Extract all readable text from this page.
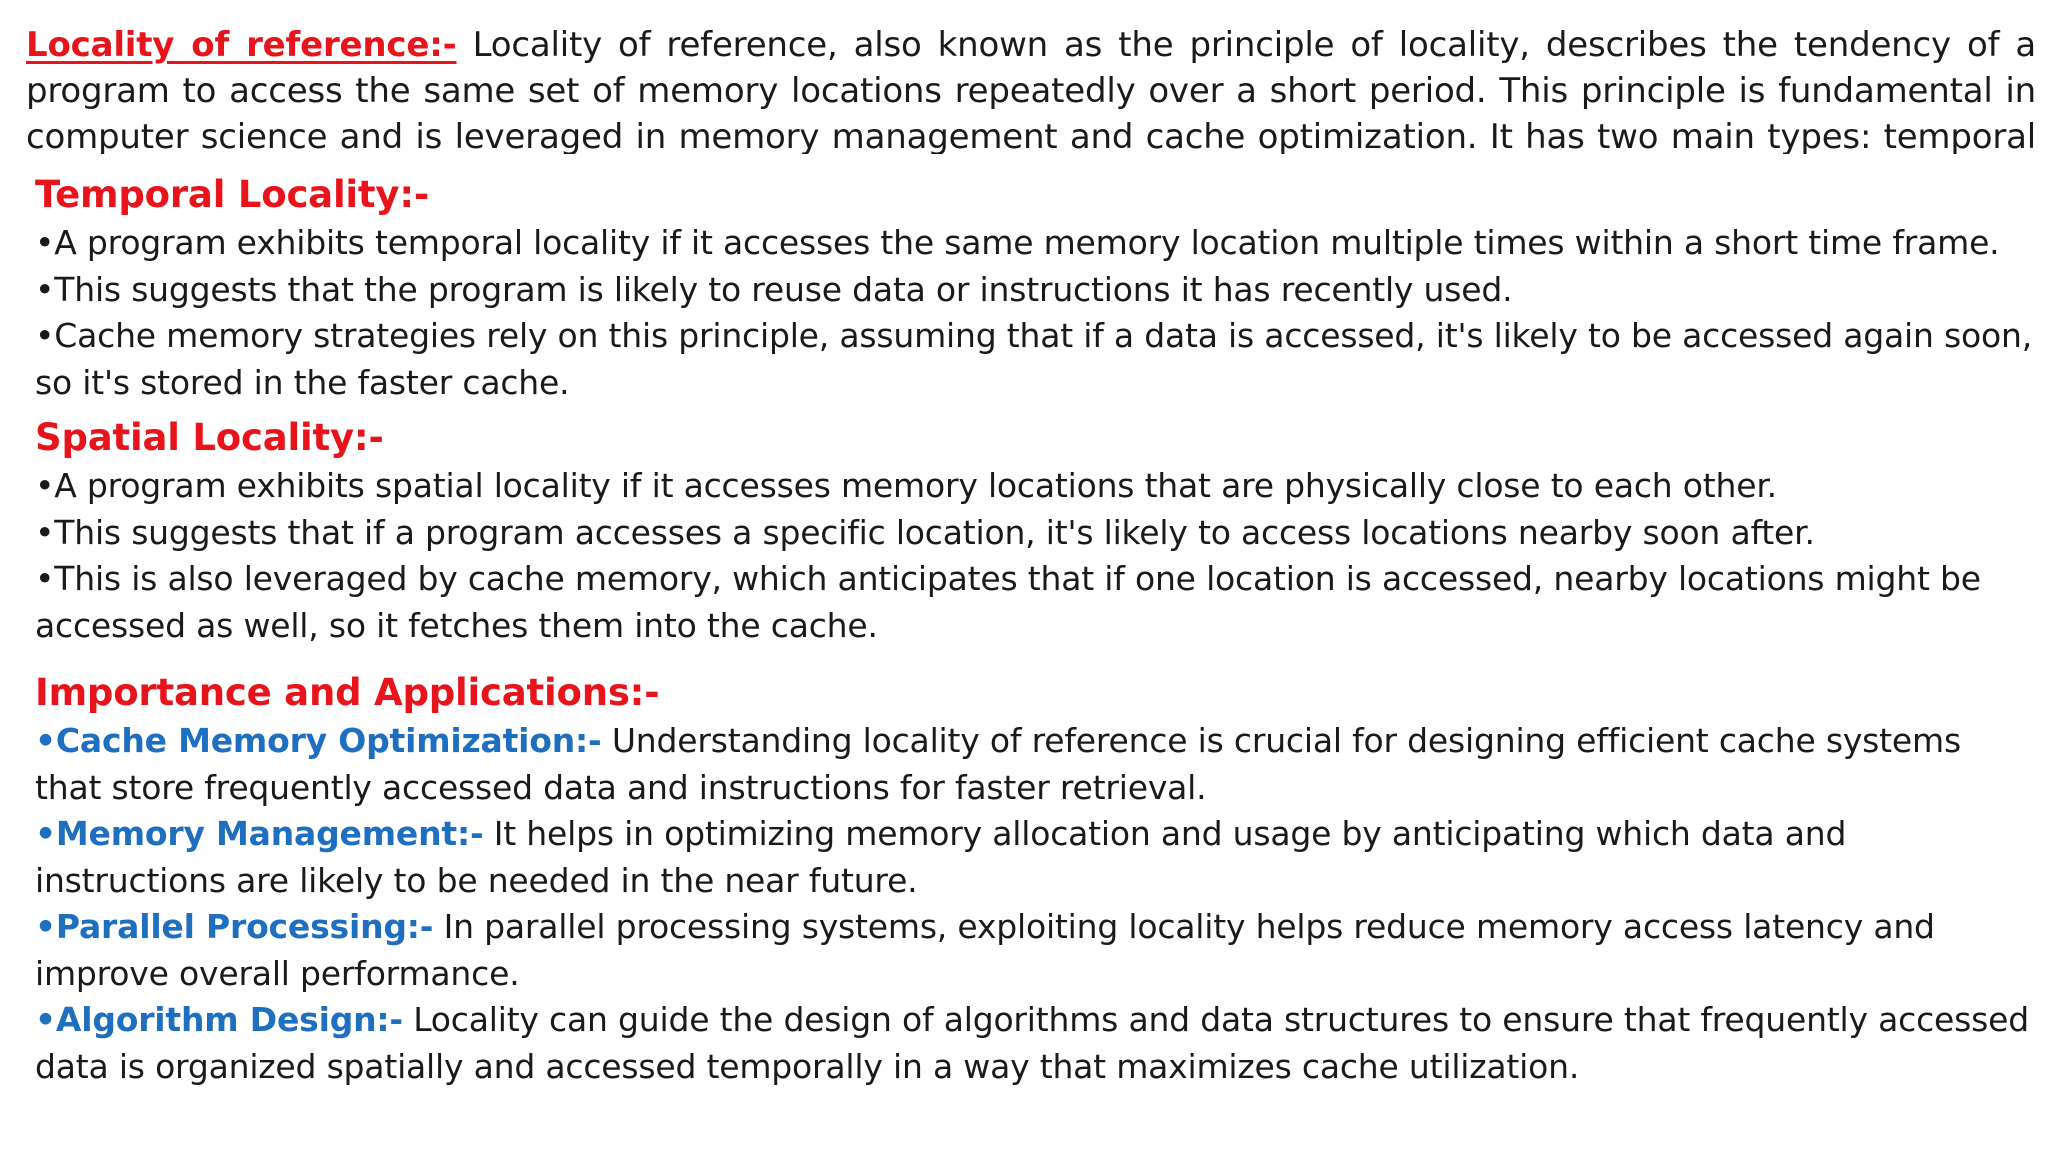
Locality of reference:- Locality of reference, also known as the principle of locality, describes the tendency of a program to access the same set of memory locations repeatedly over a short period. This principle is fundamental in computer science and is leveraged in memory management and cache optimization. It has two main types: temporal
Temporal Locality:-

•A program exhibits temporal locality if it accesses the same memory location multiple times within a short time frame.

•This suggests that the program is likely to reuse data or instructions it has recently used.

•Cache memory strategies rely on this principle, assuming that if a data is accessed, it's likely to be accessed again soon, so it's stored in the faster cache.

Spatial Locality:-

•A program exhibits spatial locality if it accesses memory locations that are physically close to each other.

•This suggests that if a program accesses a specific location, it's likely to access locations nearby soon after.

•This is also leveraged by cache memory, which anticipates that if one location is accessed, nearby locations might be accessed as well, so it fetches them into the cache.

Importance and Applications:-

•Cache Memory Optimization:- Understanding locality of reference is crucial for designing efficient cache systems that store frequently accessed data and instructions for faster retrieval.

•Memory Management:- It helps in optimizing memory allocation and usage by anticipating which data and instructions are likely to be needed in the near future.

•Parallel Processing:- In parallel processing systems, exploiting locality helps reduce memory access latency and improve overall performance.

•Algorithm Design:- Locality can guide the design of algorithms and data structures to ensure that frequently accessed data is organized spatially and accessed temporally in a way that maximizes cache utilization.
